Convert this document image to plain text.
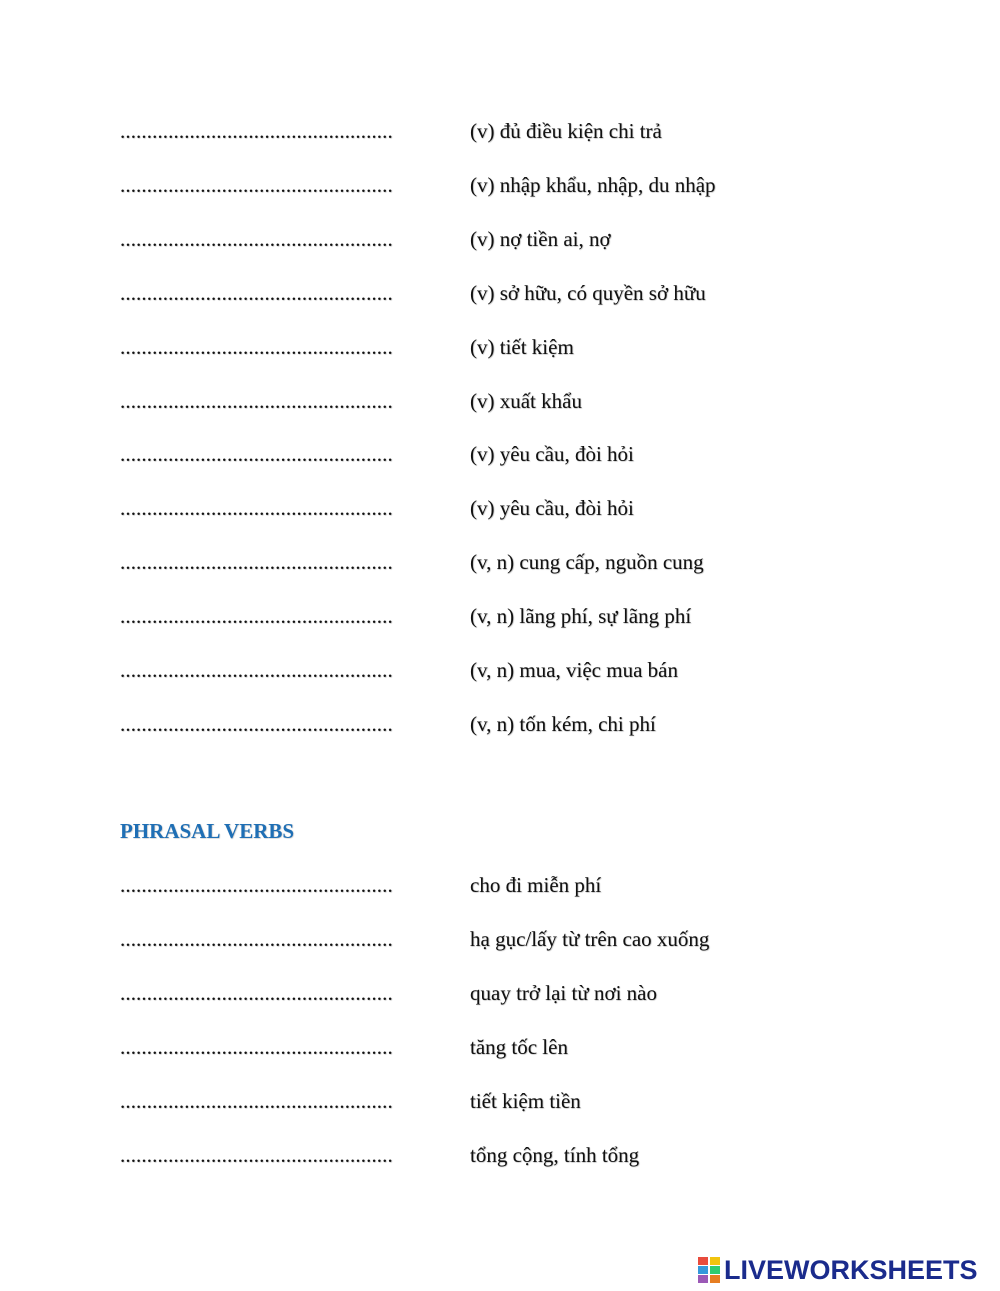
...................................................	(v) đủ điều kiện chi trả
...................................................	(v) nhập khẩu, nhập, du nhập
...................................................	(v) nợ tiền ai, nợ
...................................................	(v) sở hữu, có quyền sở hữu
...................................................	(v) tiết kiệm
...................................................	(v) xuất khẩu
...................................................	(v) yêu cầu, đòi hỏi
...................................................	(v) yêu cầu, đòi hỏi
...................................................	(v, n) cung cấp, nguồn cung
...................................................	(v, n) lãng phí, sự lãng phí
...................................................	(v, n) mua, việc mua bán
...................................................	(v, n) tốn kém, chi phí
PHRASAL VERBS
...................................................	cho đi miễn phí
...................................................	hạ gục/lấy từ trên cao xuống
...................................................	quay trở lại từ nơi nào
...................................................	tăng tốc lên
...................................................	tiết kiệm tiền
...................................................	tổng cộng, tính tổng
LIVEWORKSHEETS
